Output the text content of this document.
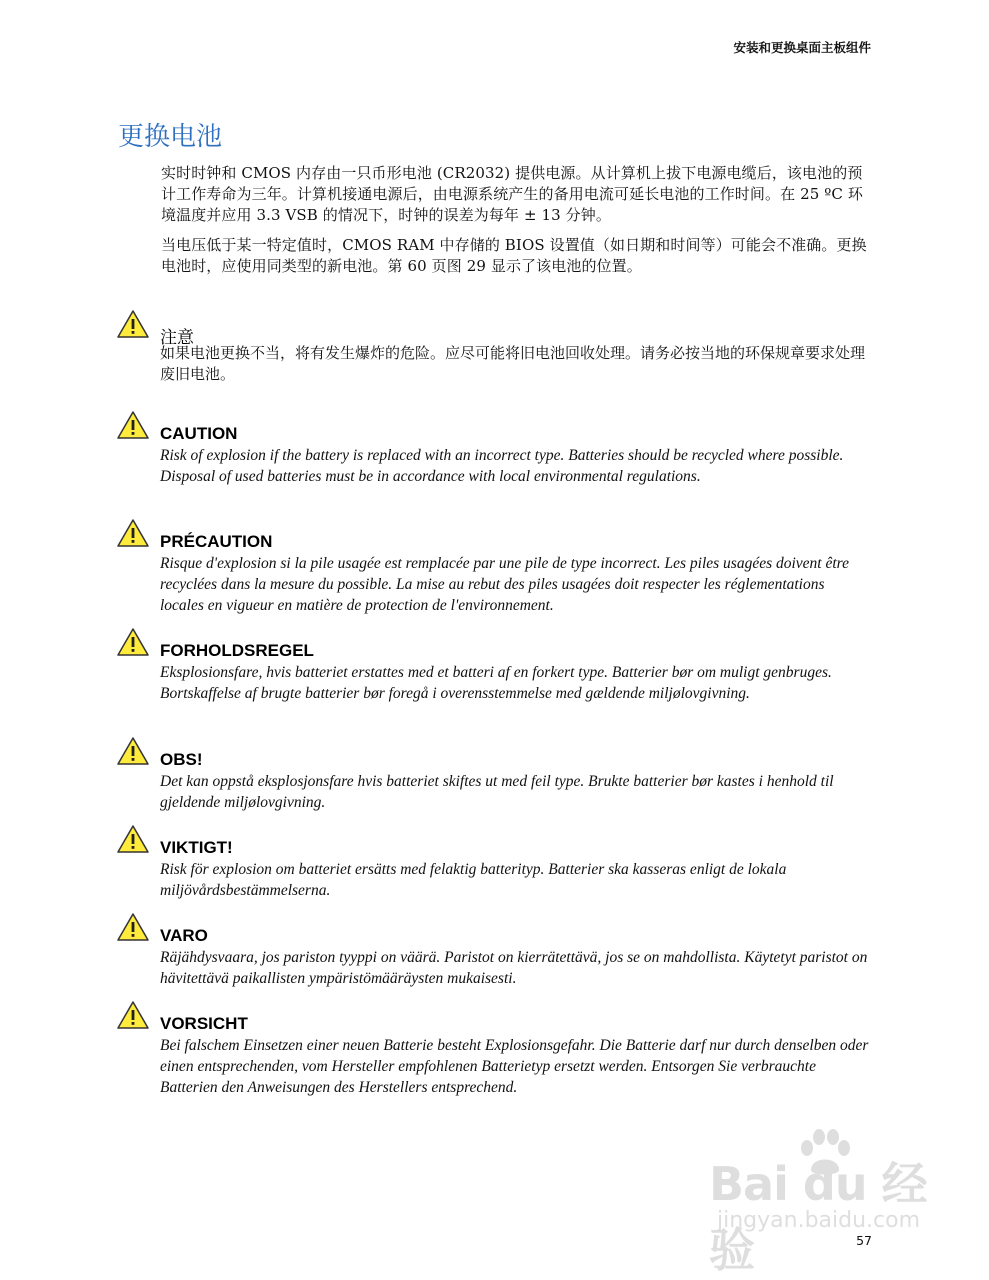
安装和更换桌面主板组件
更换电池

实时时钟和 CMOS 内存由一只币形电池 (CR2032) 提供电源。从计算机上拔下电源电缆后，该电池的预计工作寿命为三年。计算机接通电源后，由电源系统产生的备用电流可延长电池的工作时间。在 25 ºC 环境温度并应用 3.3 VSB 的情况下，时钟的误差为每年 ± 13 分钟。

当电压低于某一特定值时，CMOS RAM 中存储的 BIOS 设置值（如日期和时间等）可能会不准确。更换电池时，应使用同类型的新电池。第 60 页图 29 显示了该电池的位置。

注意
如果电池更换不当，将有发生爆炸的危险。应尽可能将旧电池回收处理。请务必按当地的环保规章要求处理废旧电池。
CAUTION
Risk of explosion if the battery is replaced with an incorrect type. Batteries should be recycled where possible. Disposal of used batteries must be in accordance with local environmental regulations.
PRÉCAUTION
Risque d'explosion si la pile usagée est remplacée par une pile de type incorrect. Les piles usagées doivent être recyclées dans la mesure du possible. La mise au rebut des piles usagées doit respecter les réglementations locales en vigueur en matière de protection de l'environnement.
FORHOLDSREGEL
Eksplosionsfare, hvis batteriet erstattes med et batteri af en forkert type. Batterier bør om muligt genbruges. Bortskaffelse af brugte batterier bør foregå i overensstemmelse med gældende miljølovgivning.
OBS!
Det kan oppstå eksplosjonsfare hvis batteriet skiftes ut med feil type. Brukte batterier bør kastes i henhold til gjeldende miljølovgivning.
VIKTIGT!
Risk för explosion om batteriet ersätts med felaktig batterityp. Batterier ska kasseras enligt de lokala miljövårdsbestämmelserna.
VARO
Räjähdysvaara, jos pariston tyyppi on väärä. Paristot on kierrätettävä, jos se on mahdollista. Käytetyt paristot on hävitettävä paikallisten ympäristömääräysten mukaisesti.
VORSICHT
Bei falschem Einsetzen einer neuen Batterie besteht Explosionsgefahr. Die Batterie darf nur durch denselben oder einen entsprechenden, vom Hersteller empfohlenen Batterietyp ersetzt werden. Entsorgen Sie verbrauchte Batterien den Anweisungen des Herstellers entsprechend.
Bai du 经验
jingyan.baidu.com
57
